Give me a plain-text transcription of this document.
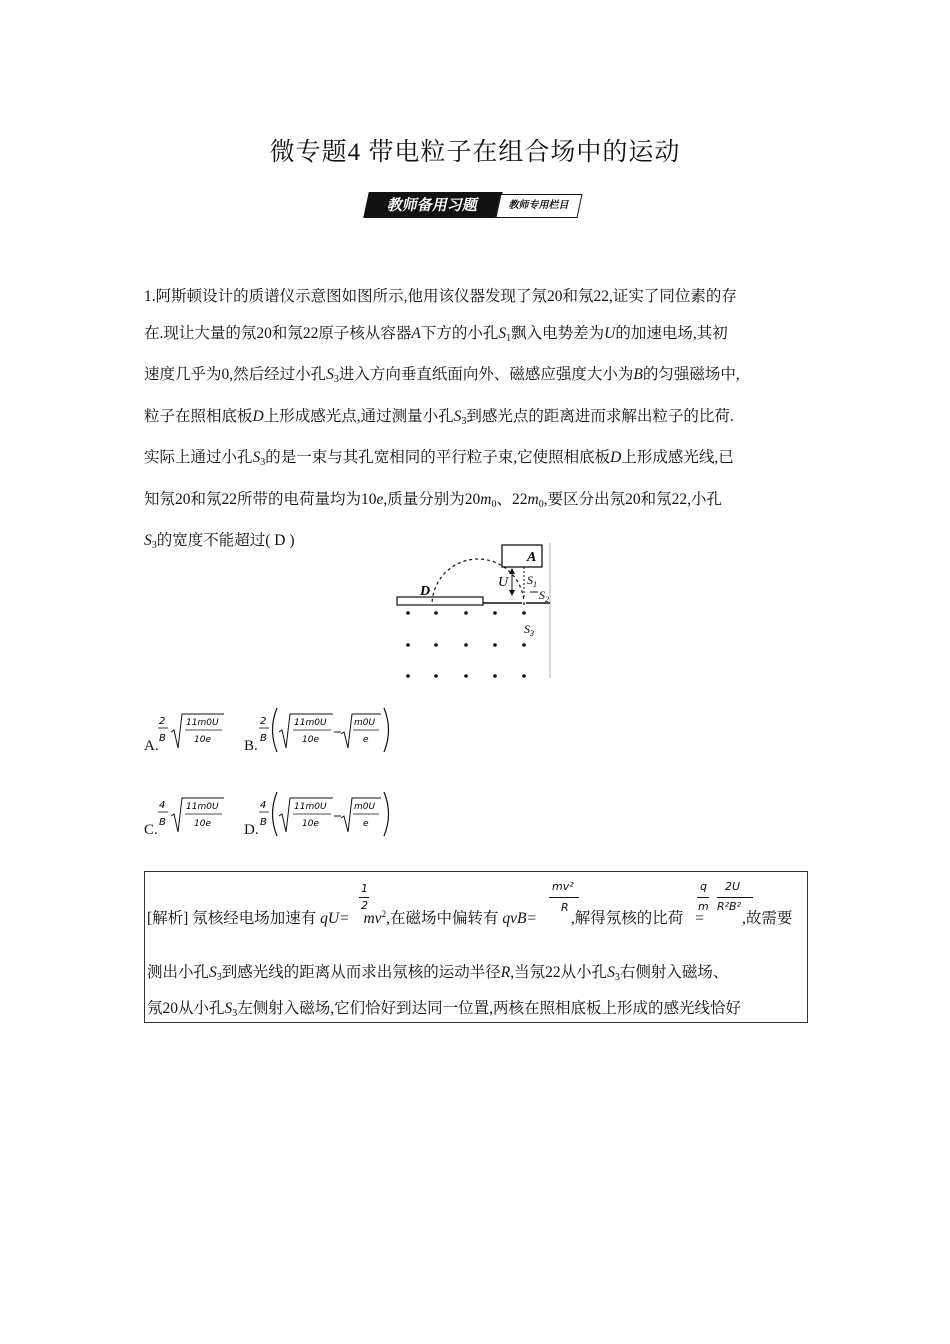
微专题4 带电粒子在组合场中的运动
教师备用习题	教师专用栏目
1.阿斯顿设计的质谱仪示意图如图所示,他用该仪器发现了氖20和氖22,证实了同位素的存
在.现让大量的氖20和氖22原子核从容器A下方的小孔$S_1$飘入电势差为U的加速电场,其初
速度几乎为0,然后经过小孔$S_3$进入方向垂直纸面向外、磁感应强度大小为B的匀强磁场中,
粒子在照相底板D上形成感光点,通过测量小孔$S_3$到感光点的距离进而求解出粒子的比荷.
实际上通过小孔$S_3$的是一束与其孔宽相同的平行粒子束,它使照相底板D上形成感光线,已
知氖20和氖22所带的电荷量均为10e,质量分别为$20m_0$、$22m_0$,要区分出氖20和氖22,小孔
$S_3$的宽度不能超过( D )
A
U $S_1$
$S_2$
D
$S_3$
A.
2
B
11m0U
10e B.
2
B
11m0U
10e
m0U
e
C.
4
B
11m0U
10e D.
4
B
11m0U
10e
m0U
e
[解析] 氖核经电场加速有 $qU= mv^2$,在磁场中偏转有 qvB= ,解得氖核的比荷 = ,故需要
1
2
mv²
R
q
m
2U
R²B²
测出小孔$S_3$到感光线的距离从而求出氖核的运动半径R,当氖22从小孔$S_3$右侧射入磁场、
氖20从小孔$S_3$左侧射入磁场,它们恰好到达同一位置,两核在照相底板上形成的感光线恰好
